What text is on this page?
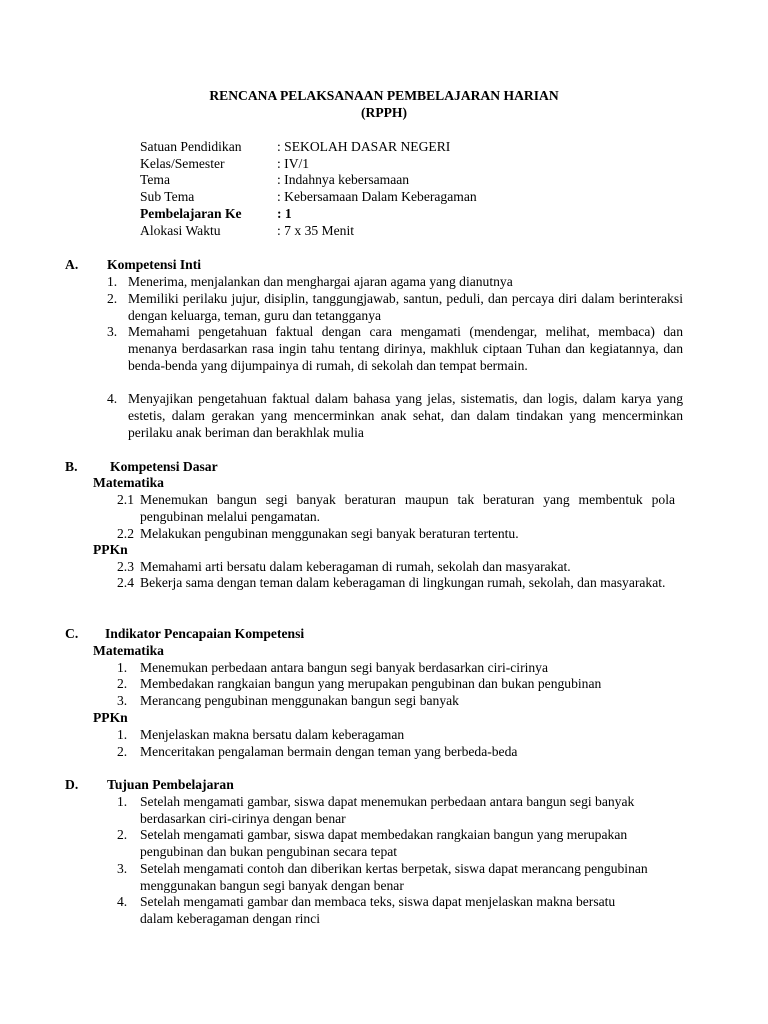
RENCANA PELAKSANAAN PEMBELAJARAN HARIAN
(RPPH)
Satuan Pendidikan	: SEKOLAH DASAR NEGERI
Kelas/Semester	: IV/1
Tema	: Indahnya kebersamaan
Sub Tema	: Kebersamaan Dalam Keberagaman
Pembelajaran Ke	: 1
Alokasi Waktu	: 7 x 35 Menit
A. Kompetensi Inti
1. Menerima, menjalankan dan menghargai ajaran agama yang dianutnya
2. Memiliki perilaku jujur, disiplin, tanggungjawab, santun, peduli, dan percaya diri dalam berinteraksi dengan keluarga, teman, guru dan tetangganya
3. Memahami pengetahuan faktual dengan cara mengamati (mendengar, melihat, membaca) dan menanya berdasarkan rasa ingin tahu tentang dirinya, makhluk ciptaan Tuhan dan kegiatannya, dan benda-benda yang dijumpainya di rumah, di sekolah dan tempat bermain.
4. Menyajikan pengetahuan faktual dalam bahasa yang jelas, sistematis, dan logis, dalam karya yang estetis, dalam gerakan yang mencerminkan anak sehat, dan dalam tindakan yang mencerminkan perilaku anak beriman dan berakhlak mulia
B. Kompetensi Dasar
Matematika
2.1 Menemukan bangun segi banyak beraturan maupun tak beraturan yang membentuk pola pengubinan melalui pengamatan.
2.2 Melakukan pengubinan menggunakan segi banyak beraturan tertentu.
PPKn
2.3 Memahami arti bersatu dalam keberagaman di rumah, sekolah dan masyarakat.
2.4 Bekerja sama dengan teman dalam keberagaman di lingkungan rumah, sekolah, dan masyarakat.
C. Indikator Pencapaian Kompetensi
Matematika
1. Menemukan perbedaan antara bangun segi banyak berdasarkan ciri-cirinya
2. Membedakan rangkaian bangun yang merupakan pengubinan dan bukan pengubinan
3. Merancang pengubinan menggunakan bangun segi banyak
PPKn
1. Menjelaskan makna bersatu dalam keberagaman
2. Menceritakan pengalaman bermain dengan teman yang berbeda-beda
D. Tujuan Pembelajaran
1. Setelah mengamati gambar, siswa dapat menemukan perbedaan antara bangun segi banyak berdasarkan ciri-cirinya dengan benar
2. Setelah mengamati gambar, siswa dapat membedakan rangkaian bangun yang merupakan pengubinan dan bukan pengubinan secara tepat
3. Setelah mengamati contoh dan diberikan kertas berpetak, siswa dapat merancang pengubinan menggunakan bangun segi banyak dengan benar
4. Setelah mengamati gambar dan membaca teks, siswa dapat menjelaskan makna bersatu dalam keberagaman dengan rinci
